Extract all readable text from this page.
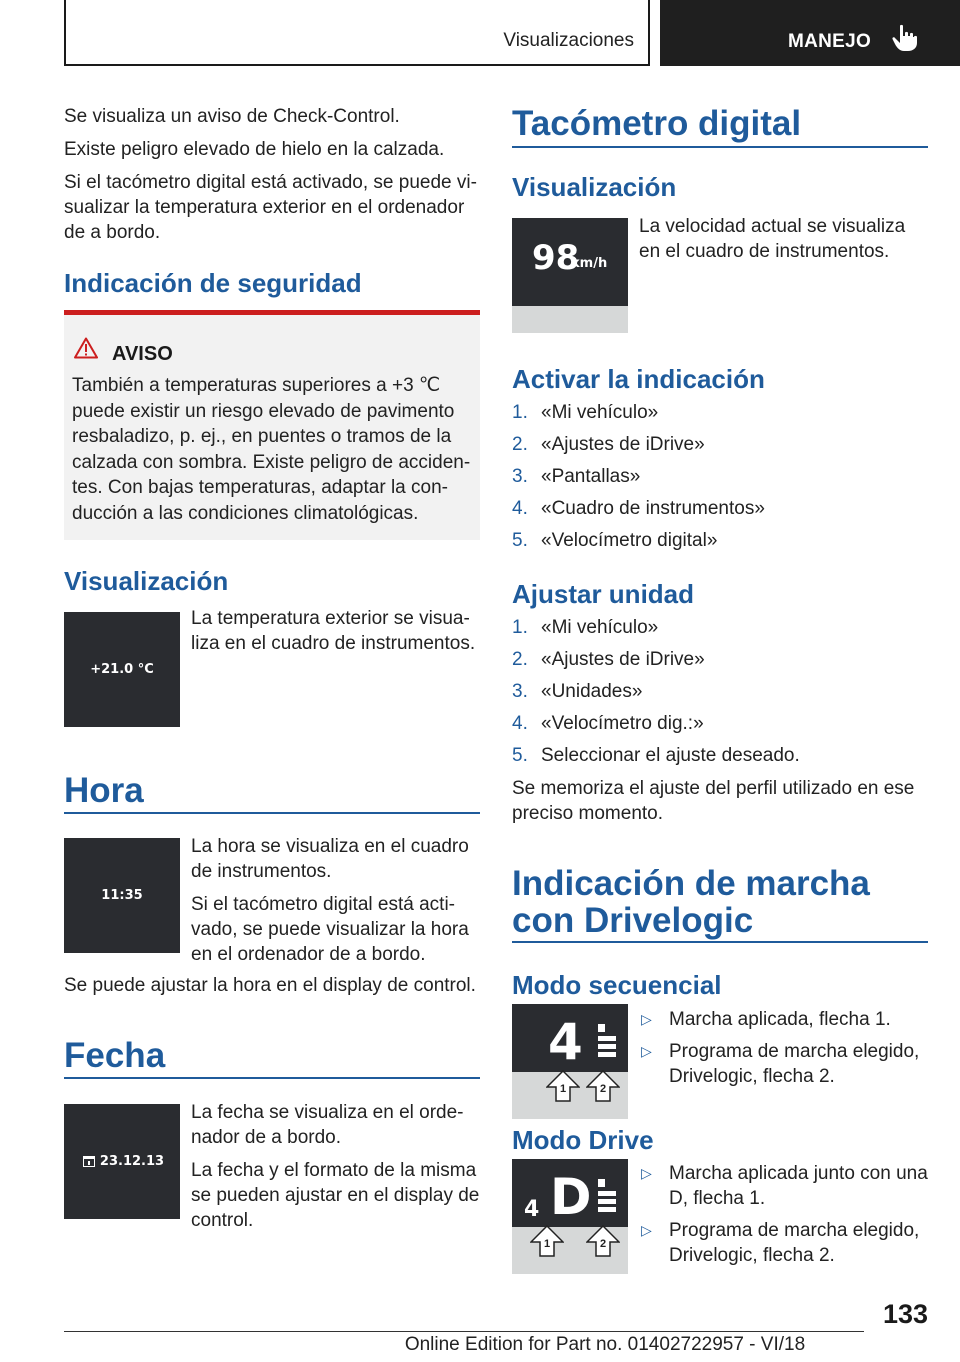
Visualizaciones	MANEJO

Se visualiza un aviso de Check-Control.

Existe peligro elevado de hielo en la calzada.

Si el tacómetro digital está activado, se puede vi-sualizar la temperatura exterior en el ordenador de a bordo.

Indicación de seguridad
AVISO
También a temperaturas superiores a +3 ℃ puede existir un riesgo elevado de pavimento resbaladizo, p. ej., en puentes o tramos de la calzada con sombra. Existe peligro de acciden-tes. Con bajas temperaturas, adaptar la con-ducción a las condiciones climatológicas.
Visualización
+21.0 °C

La temperatura exterior se visua-liza en el cuadro de instrumentos.

Hora
11:35

La hora se visualiza en el cuadro de instrumentos.

Si el tacómetro digital está acti-vado, se puede visualizar la hora en el ordenador de a bordo.

Se puede ajustar la hora en el display de control.

Fecha
23.12.13

La fecha se visualiza en el orde-nador de a bordo.

La fecha y el formato de la misma se pueden ajustar en el display de control.

Tacómetro digital
Visualización
98
km/h

La velocidad actual se visualiza en el cuadro de instrumentos.

Activar la indicación
1. «Mi vehículo»
2. «Ajustes de iDrive»
3. «Pantallas»
4. «Cuadro de instrumentos»
5. «Velocímetro digital»
Ajustar unidad
1. «Mi vehículo»
2. «Ajustes de iDrive»
3. «Unidades»
4. «Velocímetro dig.:»
5. Seleccionar el ajuste deseado.

Se memoriza el ajuste del perfil utilizado en ese preciso momento.

Indicación de marcha con Drivelogic
Modo secuencial
4
1	2
▷ Marcha aplicada, flecha 1.
▷ Programa de marcha elegido, Drivelogic, flecha 2.
Modo Drive
4 D
1	2
▷ Marcha aplicada junto con una D, flecha 1.
▷ Programa de marcha elegido, Drivelogic, flecha 2.
133
Online Edition for Part no. 01402722957 - VI/18
